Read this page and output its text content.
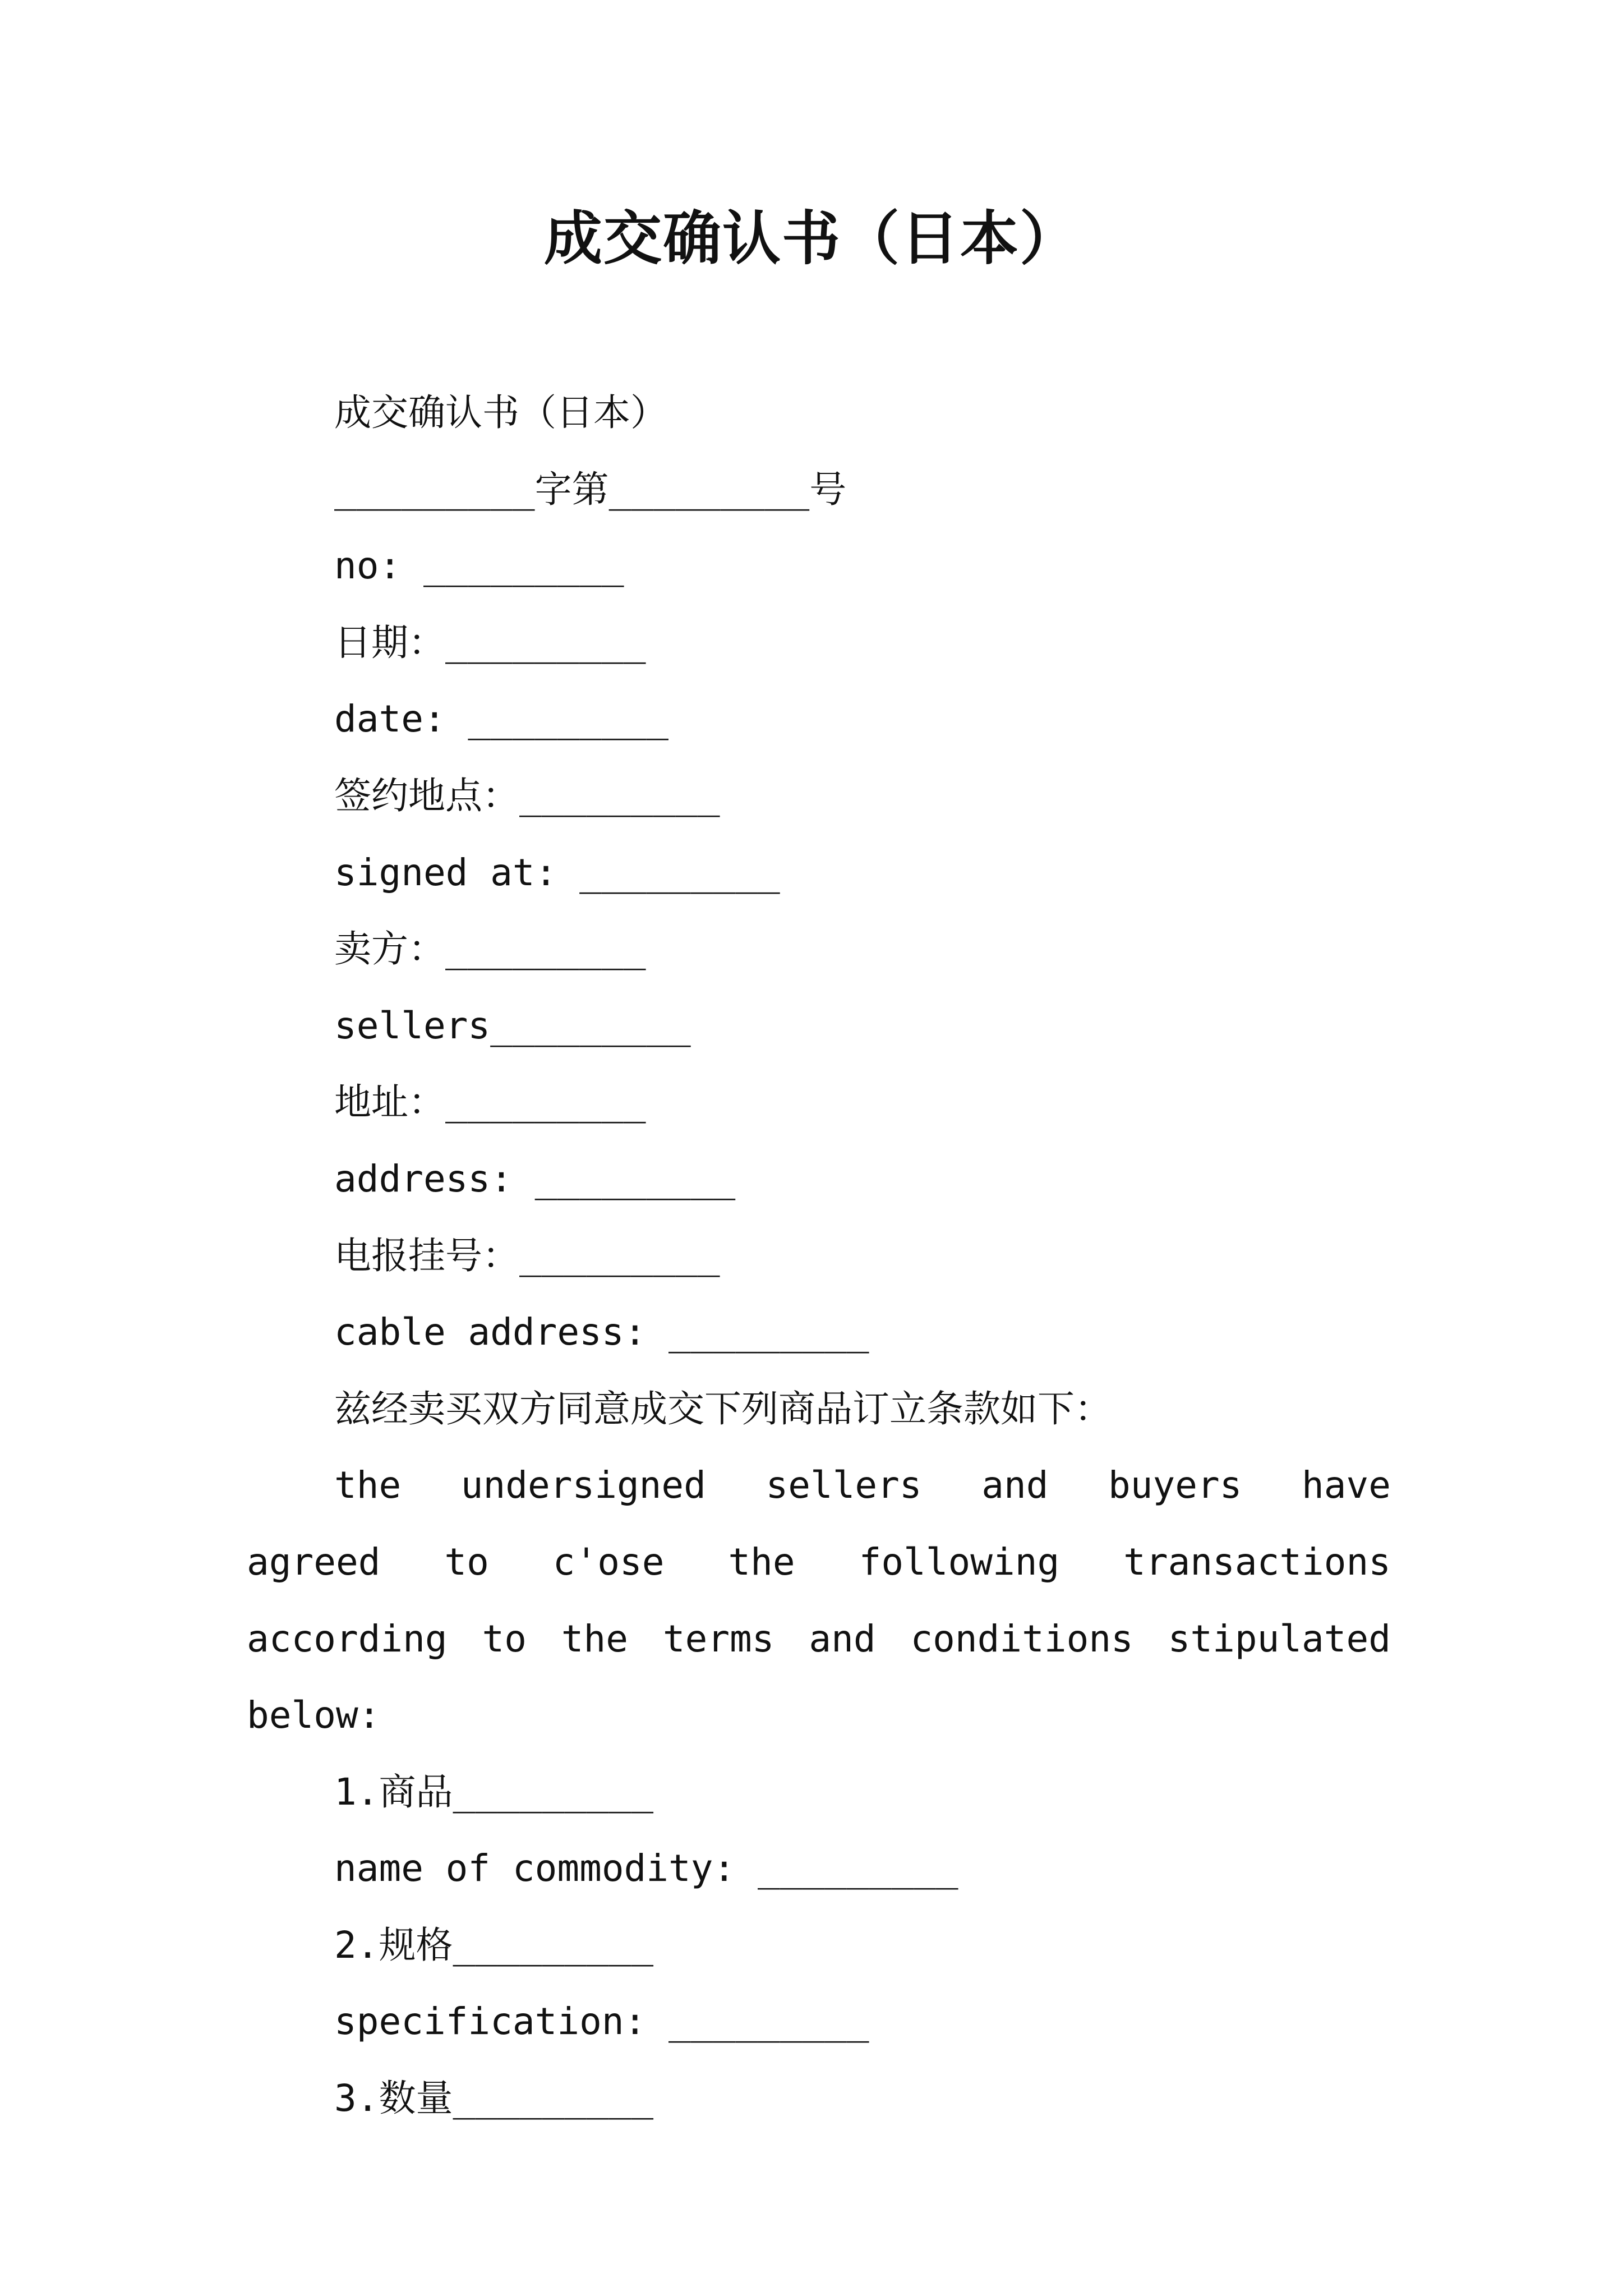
成交确认书（日本）

成交确认书（日本）

_________字第_________号

no: _________

日期：_________

date: _________

签约地点：_________

signed at: _________

卖方：_________

sellers_________

地址：_________

address: _________

电报挂号：_________

cable address: _________

兹经卖买双方同意成交下列商品订立条款如下：

the undersigned sellers and buyers have agreed to c'ose the following transactions according to the terms and conditions stipulated below:

1.商品_________

name of commodity: _________

2.规格_________

specification: _________

3.数量_________
